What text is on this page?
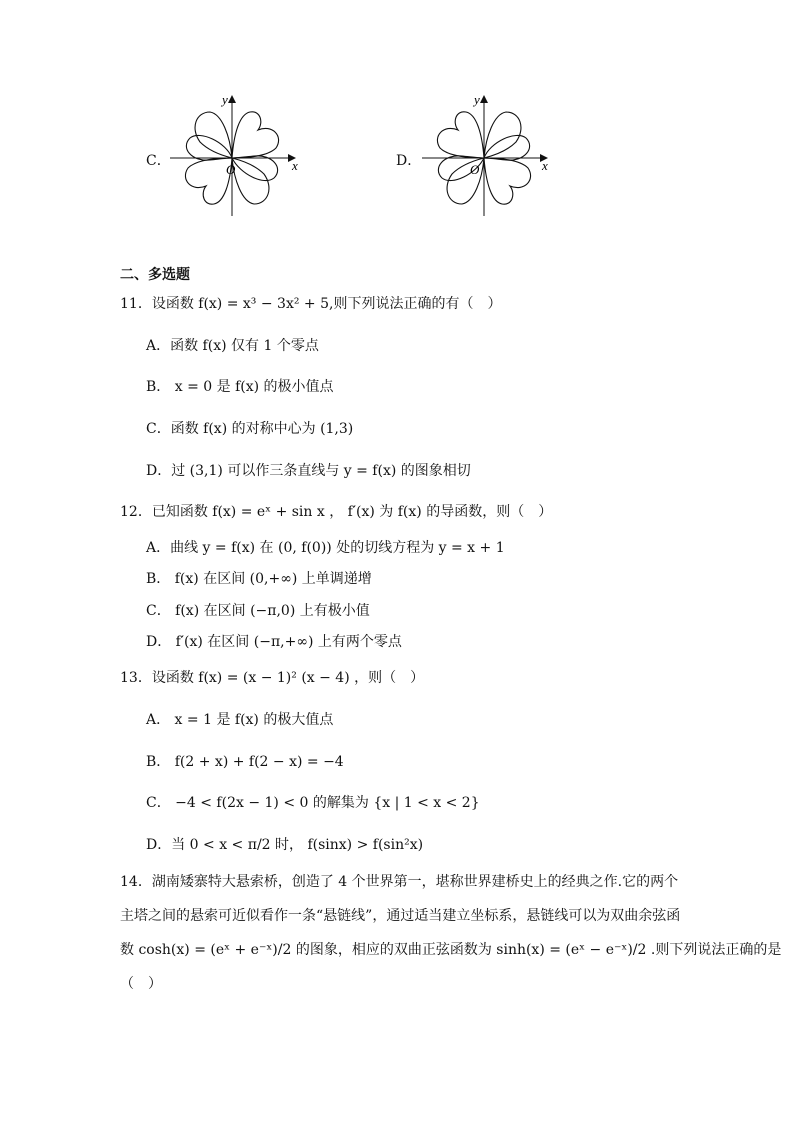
C．
O	x
y
D．
O	x
y
二、多选题
11．设函数 f(x) = x³ − 3x² + 5,则下列说法正确的有（　）
A．函数 f(x) 仅有 1 个零点
B． x = 0 是 f(x) 的极小值点
C．函数 f(x) 的对称中心为 (1,3)
D．过 (3,1) 可以作三条直线与 y = f(x) 的图象相切
12．已知函数 f(x) = eˣ + sin x ， f′(x) 为 f(x) 的导函数，则（　）
A．曲线 y = f(x) 在 (0, f(0)) 处的切线方程为 y = x + 1
B． f(x) 在区间 (0,+∞) 上单调递增
C． f(x) 在区间 (−π,0) 上有极小值
D． f′(x) 在区间 (−π,+∞) 上有两个零点
13．设函数 f(x) = (x − 1)² (x − 4) ，则（　）
A． x = 1 是 f(x) 的极大值点
B． f(2 + x) + f(2 − x) = −4
C． −4 < f(2x − 1) < 0 的解集为 {x | 1 < x < 2}
D．当 0 < x < π/2 时， f(sinx) > f(sin²x)
14．湖南矮寨特大悬索桥，创造了 4 个世界第一，堪称世界建桥史上的经典之作.它的两个
主塔之间的悬索可近似看作一条“悬链线”，通过适当建立坐标系，悬链线可以为双曲余弦函
数 cosh(x) = (eˣ + e⁻ˣ)/2 的图象，相应的双曲正弦函数为 sinh(x) = (eˣ − e⁻ˣ)/2 .则下列说法正确的是
（　）
